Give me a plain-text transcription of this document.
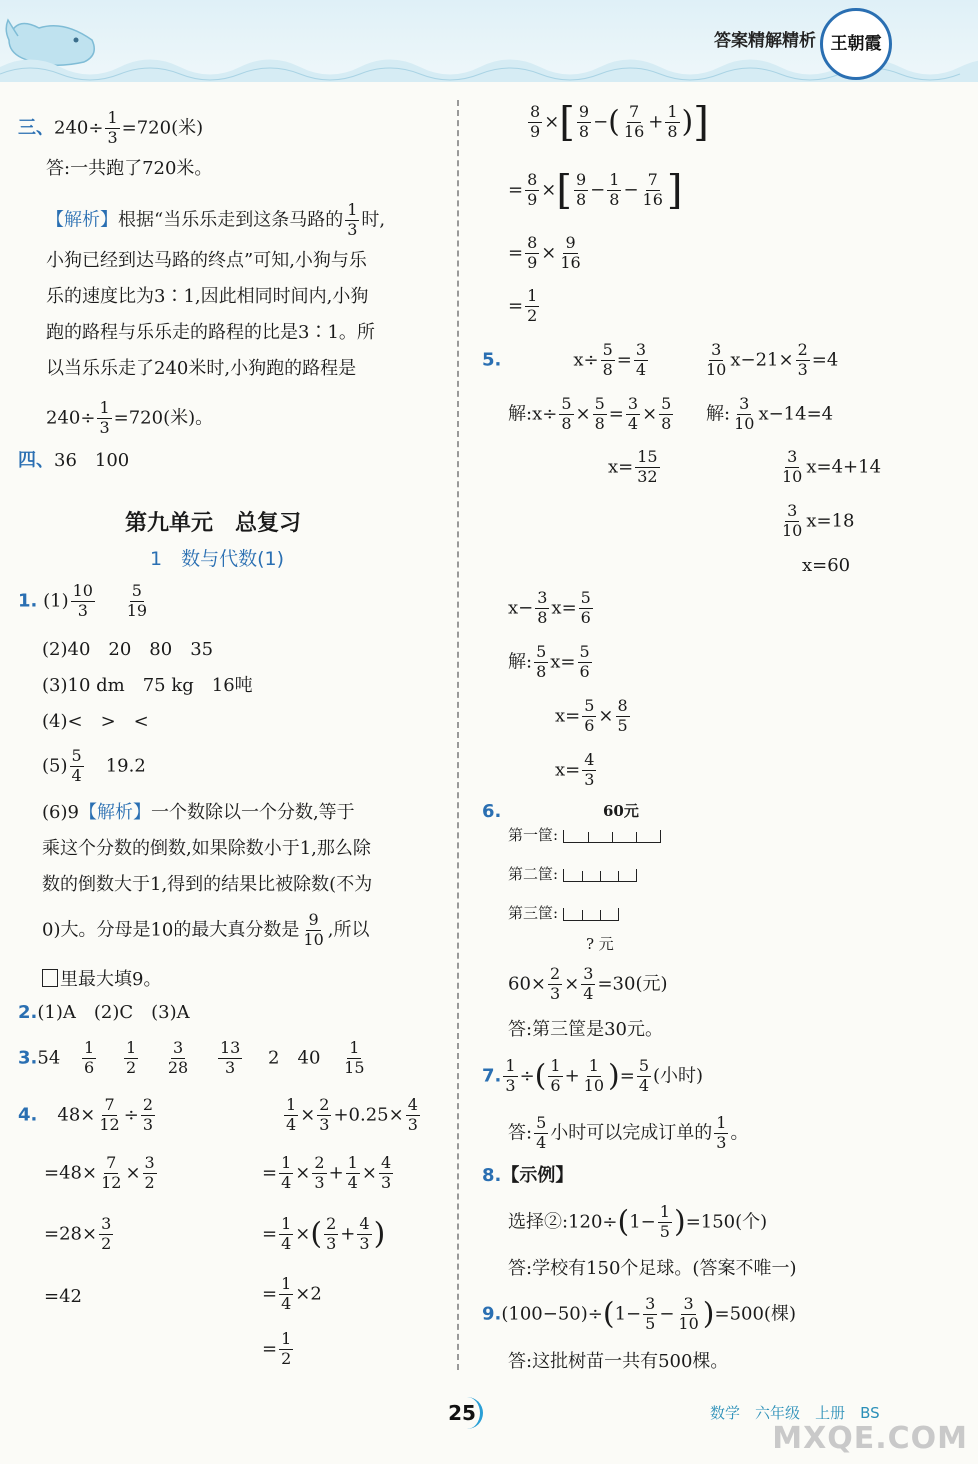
答案精解精析 王朝霞
三、$240\div \frac{1}{3} =720$(米)
答:一共跑了720米。
【解析】根据“当乐乐走到这条马路的 $\frac{1}{3}$ 时,
小狗已经到达马路的终点”可知,小狗与乐
乐的速度比为3∶1,因此相同时间内,小狗
跑的路程与乐乐走的路程的比是3∶1。所
以当乐乐走了240米时,小狗跑的路程是
$240\div \frac{1}{3} =720$(米)。
四、36　100
第九单元　总复习
1　数与代数(1)
1. $(1) \frac{10}{3}$
$\frac{5}{19}$
(2)40　20　80　35
(3)10 dm　75 kg　16吨
(4)<　>　<
$(5) \frac{5}{4} 19.2$
(6)9【解析】一个数除以一个分数,等于
乘这个分数的倒数,如果除数小于1,那么除
数的倒数大于1,得到的结果比被除数(不为
0)大。分母是10的最大真分数是 $\frac{9}{10}$ ,所以
里最大填9。
2.(1)A　(2)C　(3)A
$3.54 \frac{1}{6}$
$\frac{1}{2}$
$\frac{3}{28}$
$\frac{13}{3} 2$　$40 \frac{1}{15}$
4. $48\times \frac{7}{12} \div \frac{2}{3}$
$=48\times \frac{7}{12} \times \frac{3}{2}$
$=28\times \frac{3}{2}$
=42
$\frac{1}{4} \times \frac{2}{3} +0.25\times \frac{4}{3}$
= $\frac{1}{4} \times \frac{2}{3} + \frac{1}{4} \times \frac{4}{3}$
= $\frac{1}{4}$ ×( $\frac{2}{3} + \frac{4}{3}$ )
= $\frac{1}{4} \times 2$
= $\frac{1}{2}$
$\frac{8}{9}$ ×[ $\frac{9}{8}$ −( $\frac{7}{16} + \frac{1}{8}$ )]
= $\frac{8}{9}$ ×[ $\frac{9}{8} - \frac{1}{8} - \frac{7}{16}$ ]
= $\frac{8}{9} \times \frac{9}{16}$
= $\frac{1}{2}$
5.	$x\div \frac{5}{8} = \frac{3}{4}$	$\frac{3}{10} x-21\times \frac{2}{3} =4$
解:x÷ $\frac{5}{8} \times \frac{5}{8} = \frac{3}{4} \times \frac{5}{8}$ 解: $\frac{3}{10} x-14=4$
$x= \frac{15}{32}$	$\frac{3}{10} x=4+14$
$\frac{3}{10} x=18$
x=60
$x- \frac{3}{8} x= \frac{5}{6}$
解: $\frac{5}{8} x= \frac{5}{6}$
$x= \frac{5}{6} \times \frac{8}{5}$
$x= \frac{4}{3}$
6.	60元
第一筐:
第二筐:
第三筐:
? 元
$60\times \frac{2}{3} \times \frac{3}{4} =30$(元)
答:第三筐是30元。
7. $\frac{1}{3}$ ÷( $\frac{1}{6} + \frac{1}{10}$ )= $\frac{5}{4}$ (小时)
答: $\frac{5}{4}$ 小时可以完成订单的 $\frac{1}{3}$ 。
8.【示例】
选择②:120÷(1− $\frac{1}{5} )=150$(个)
答:学校有150个足球。(答案不唯一)
$9.(100-50)\div(1- \frac{3}{5} - \frac{3}{10} )=500$(棵)
答:这批树苗一共有500棵。
25	数学　 六年级　 上册　 BS
MXQE.COM
